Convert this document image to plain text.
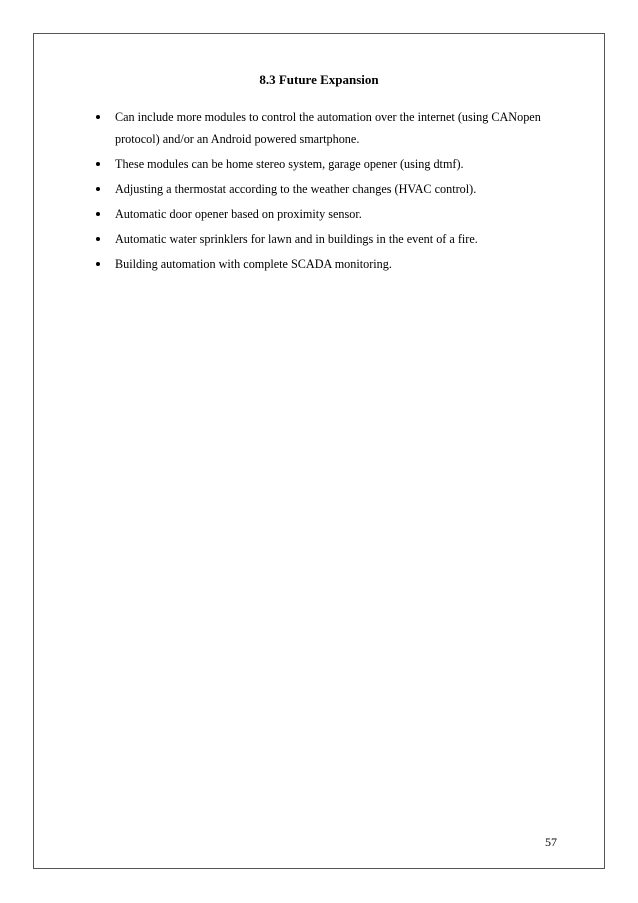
8.3 Future Expansion
Can include more modules to control the automation over the internet (using CANopen protocol) and/or an Android powered smartphone.
These modules can be home stereo system, garage opener (using dtmf).
Adjusting a thermostat according to the weather changes (HVAC control).
Automatic door opener based on proximity sensor.
Automatic water sprinklers for lawn and in buildings in the event of a fire.
Building automation with complete SCADA monitoring.
57
